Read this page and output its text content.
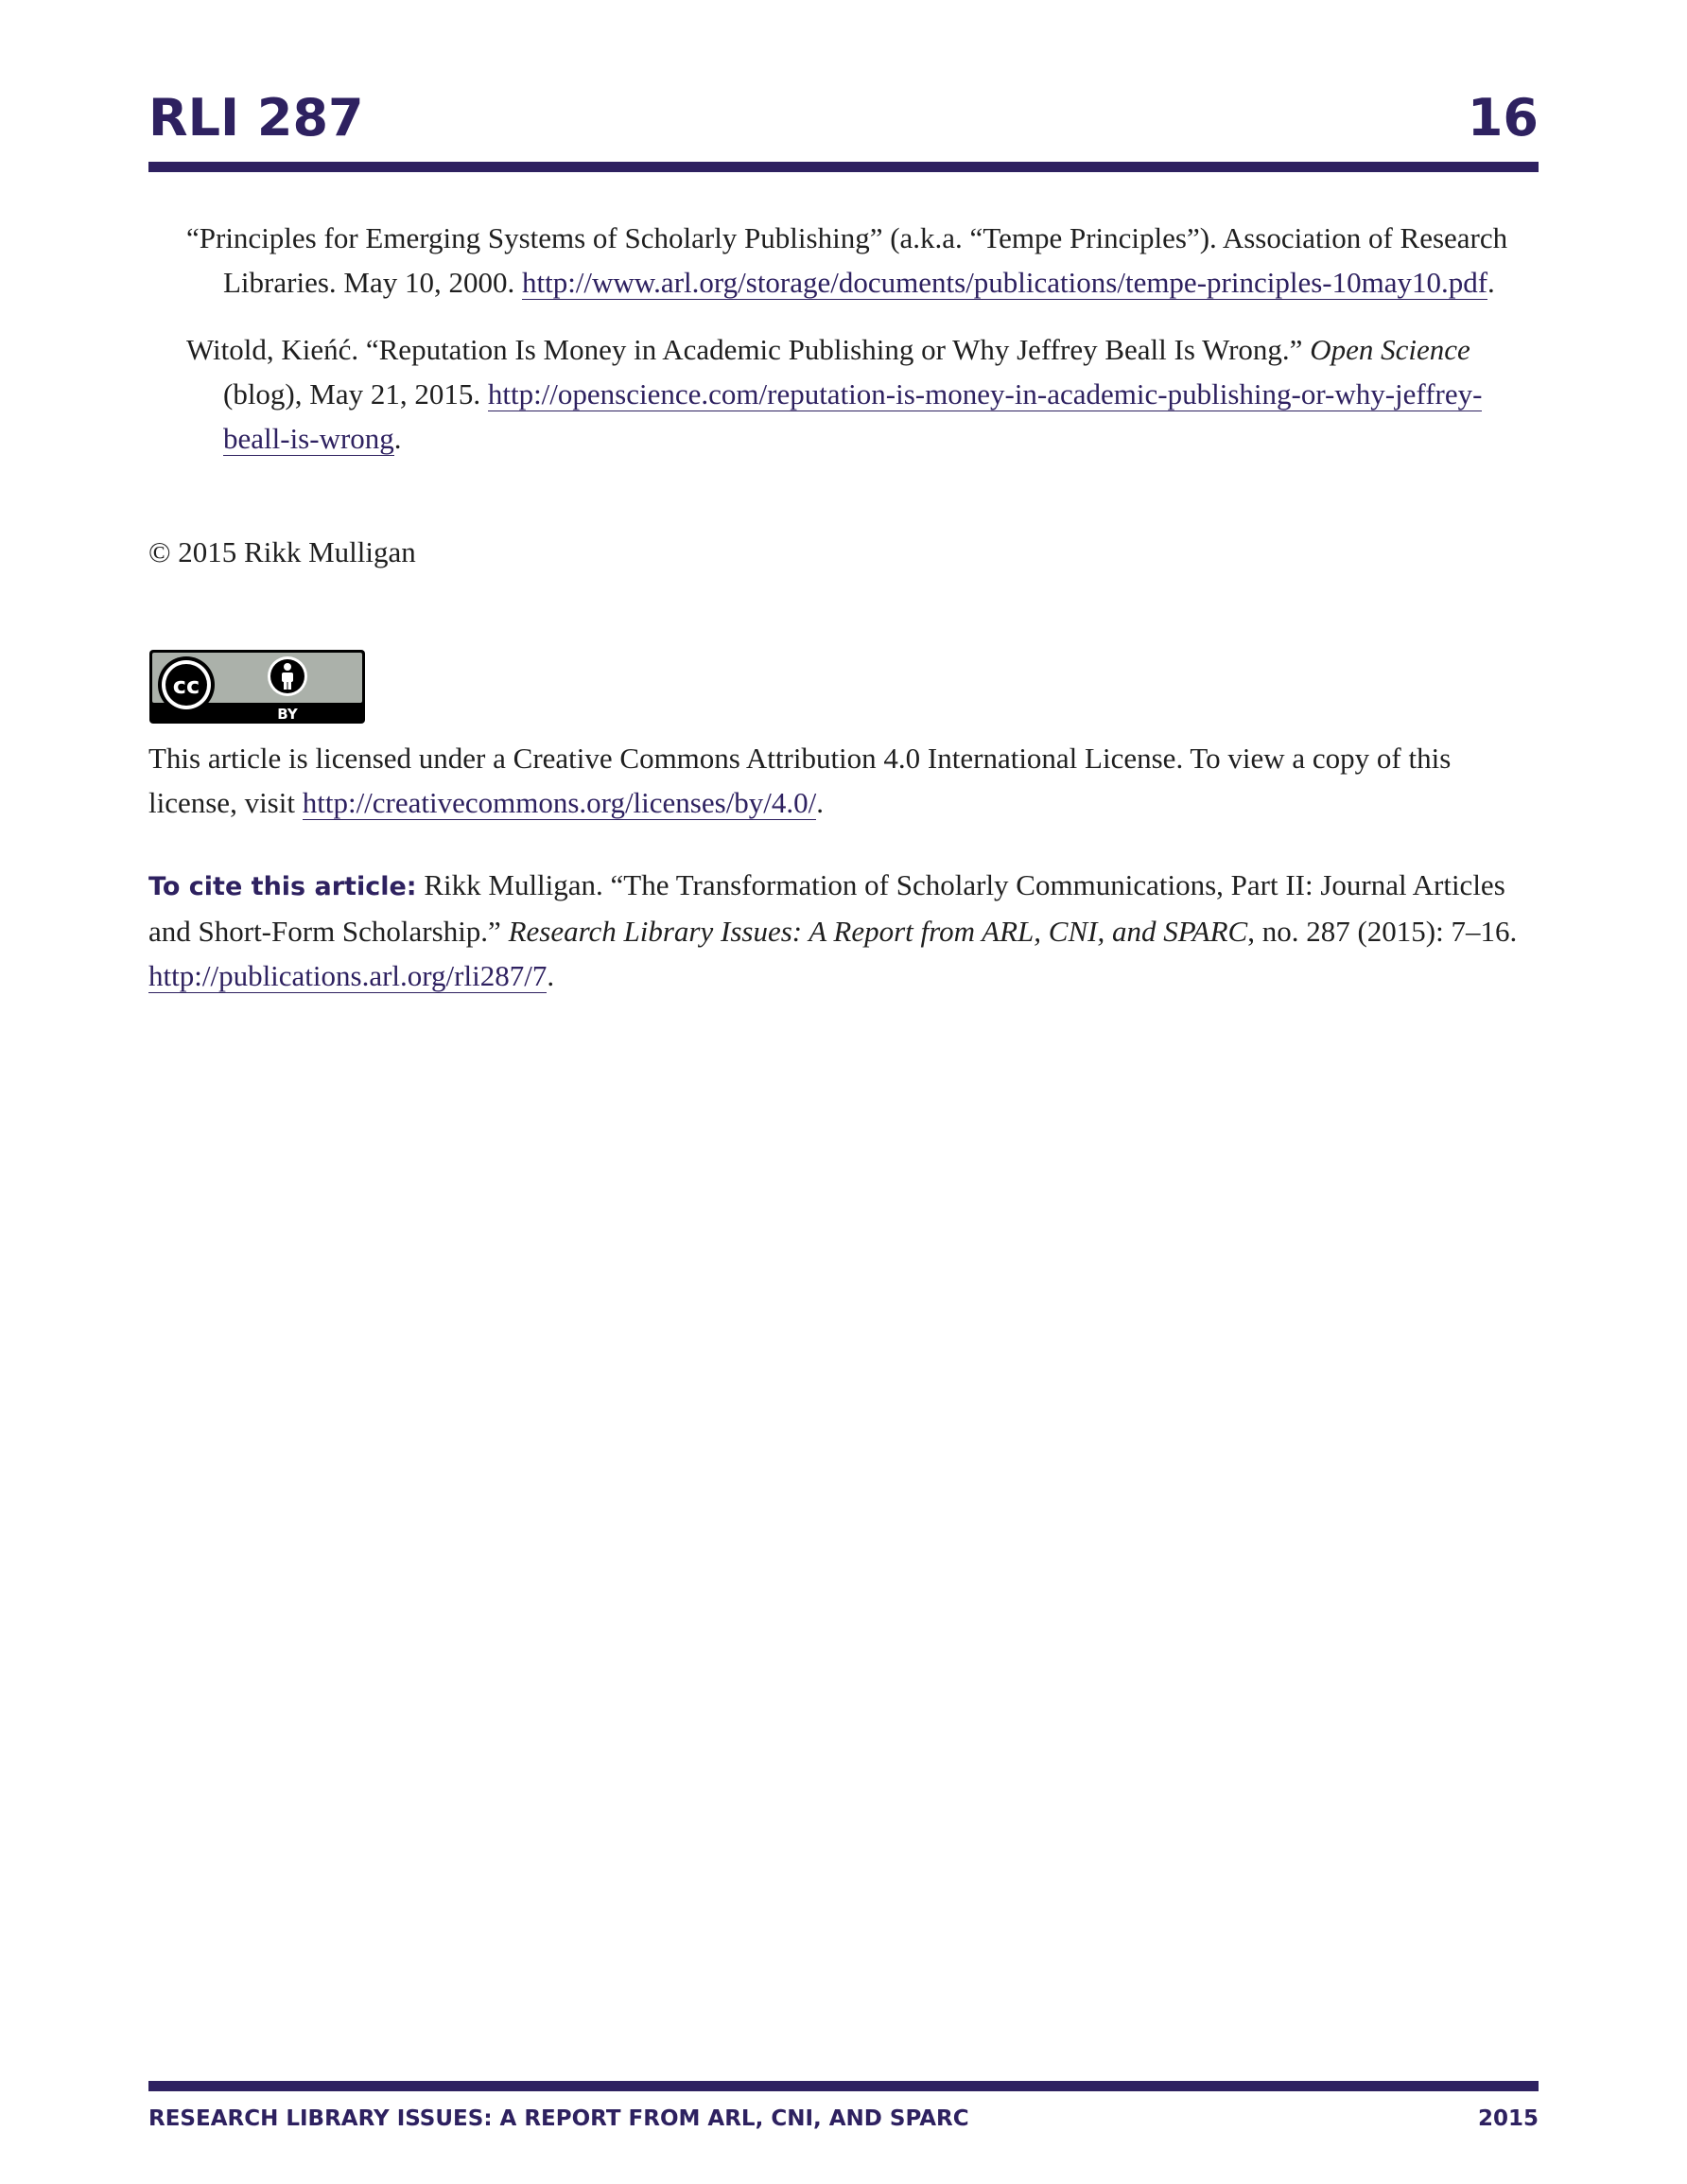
RLI 287	16

“Principles for Emerging Systems of Scholarly Publishing” (a.k.a. “Tempe Principles”). Association of Research Libraries. May 10, 2000. http://www.arl.org/storage/documents/publications/tempe-principles-10may10.pdf.

Witold, Kieńć. “Reputation Is Money in Academic Publishing or Why Jeffrey Beall Is Wrong.” Open Science (blog), May 21, 2015. http://openscience.com/reputation-is-money-in-academic-publishing-or-why-jeffrey-beall-is-wrong.

© 2015 Rikk Mulligan
cc
BY
This article is licensed under a Creative Commons Attribution 4.0 International License. To view a copy of this license, visit http://creativecommons.org/licenses/by/4.0/.
To cite this article: Rikk Mulligan. “The Transformation of Scholarly Communications, Part II: Journal Articles and Short-Form Scholarship.” Research Library Issues: A Report from ARL, CNI, and SPARC, no. 287 (2015): 7–16. http://publications.arl.org/rli287/7.
RESEARCH LIBRARY ISSUES: A REPORT FROM ARL, CNI, AND SPARC	2015
